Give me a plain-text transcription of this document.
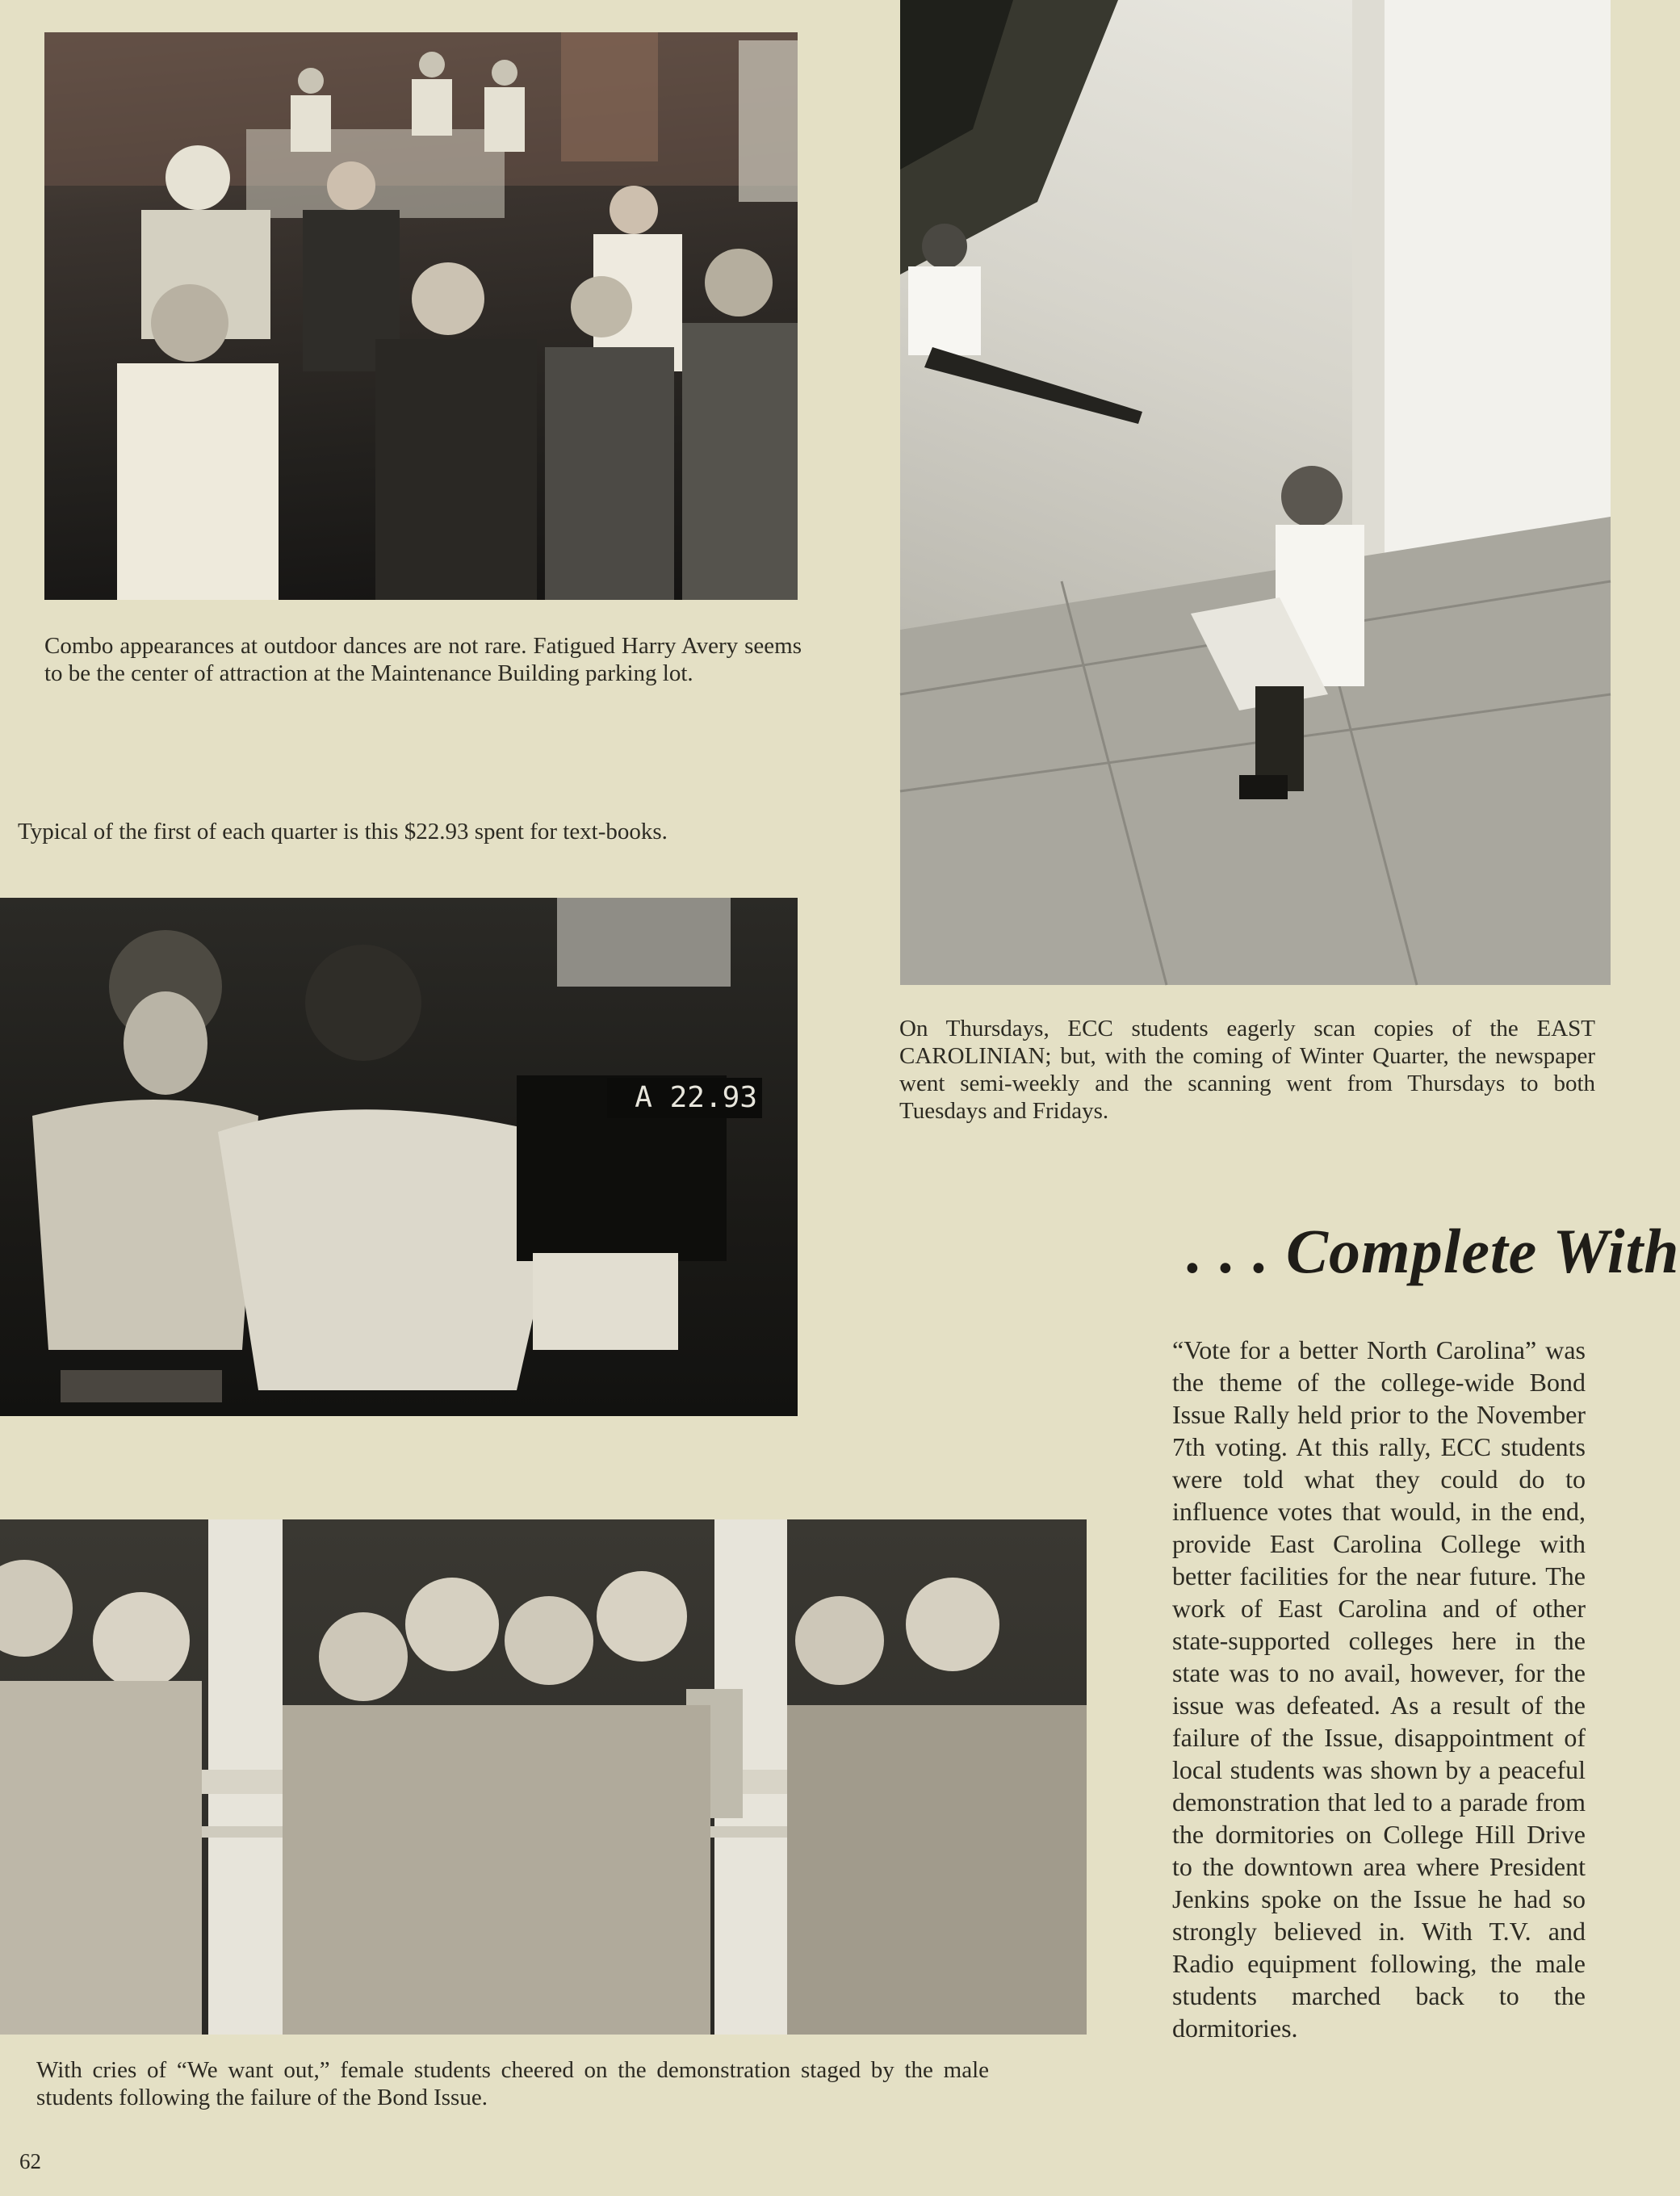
Combo appearances at outdoor dances are not rare. Fatigued Harry Avery seems to be the center of attraction at the Maintenance Building parking lot.

On Thursdays, ECC students eagerly scan copies of the EAST CAROLINIAN; but, with the coming of Winter Quarter, the newspaper went semi-weekly and the scanning went from Thursdays to both Tuesdays and Fridays.

Typical of the first of each quarter is this $22.93 spent for text-books.

A 22.93

With cries of “We want out,” female students cheered on the demonstration staged by the male students following the failure of the Bond Issue.

. . . Complete With

“Vote for a better North Carolina” was the theme of the college-wide Bond Issue Rally held prior to the November 7th voting. At this rally, ECC students were told what they could do to influence votes that would, in the end, provide East Carolina College with better facilities for the near future. The work of East Carolina and of other state-supported colleges here in the state was to no avail, however, for the issue was defeated. As a result of the failure of the Issue, disappointment of local students was shown by a peaceful demonstration that led to a parade from the dormitories on College Hill Drive to the downtown area where President Jenkins spoke on the Issue he had so strongly believed in. With T.V. and Radio equipment following, the male students marched back to the dormitories.

62
